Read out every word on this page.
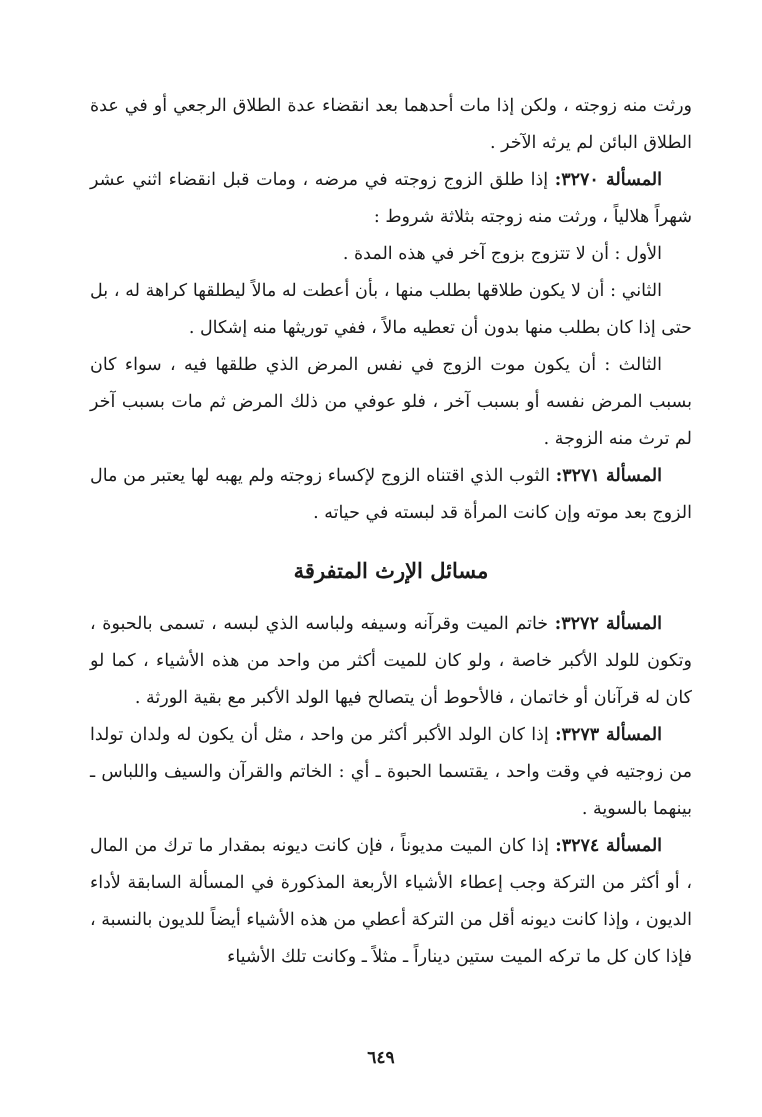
ورثت منه زوجته ، ولكن إذا مات أحدهما بعد انقضاء عدة الطلاق الرجعي أو في عدة الطلاق البائن لم يرثه الآخر .

المسألة ٣٢٧٠: إذا طلق الزوج زوجته في مرضه ، ومات قبل انقضاء اثني عشر شهراً هلالياً ، ورثت منه زوجته بثلاثة شروط :

الأول : أن لا تتزوج بزوج آخر في هذه المدة .

الثاني : أن لا يكون طلاقها بطلب منها ، بأن أعطت له مالاً ليطلقها كراهة له ، بل حتى إذا كان بطلب منها بدون أن تعطيه مالاً ، ففي توريثها منه إشكال .

الثالث : أن يكون موت الزوج في نفس المرض الذي طلقها فيه ، سواء كان بسبب المرض نفسه أو بسبب آخر ، فلو عوفي من ذلك المرض ثم مات بسبب آخر لم ترث منه الزوجة .

المسألة ٣٢٧١: الثوب الذي اقتناه الزوج لإكساء زوجته ولم يهبه لها يعتبر من مال الزوج بعد موته وإن كانت المرأة قد لبسته في حياته .

مسائل الإرث المتفرقة

المسألة ٣٢٧٢: خاتم الميت وقرآنه وسيفه ولباسه الذي لبسه ، تسمى بالحبوة ، وتكون للولد الأكبر خاصة ، ولو كان للميت أكثر من واحد من هذه الأشياء ، كما لو كان له قرآنان أو خاتمان ، فالأحوط أن يتصالح فيها الولد الأكبر مع بقية الورثة .

المسألة ٣٢٧٣: إذا كان الولد الأكبر أكثر من واحد ، مثل أن يكون له ولدان تولدا من زوجتيه في وقت واحد ، يقتسما الحبوة ـ أي : الخاتم والقرآن والسيف واللباس ـ بينهما بالسوية .

المسألة ٣٢٧٤: إذا كان الميت مديوناً ، فإن كانت ديونه بمقدار ما ترك من المال ، أو أكثر من التركة وجب إعطاء الأشياء الأربعة المذكورة في المسألة السابقة لأداء الديون ، وإذا كانت ديونه أقل من التركة أعطي من هذه الأشياء أيضاً للديون بالنسبة ، فإذا كان كل ما تركه الميت ستين ديناراً ـ مثلاً ـ وكانت تلك الأشياء

٦٤٩
